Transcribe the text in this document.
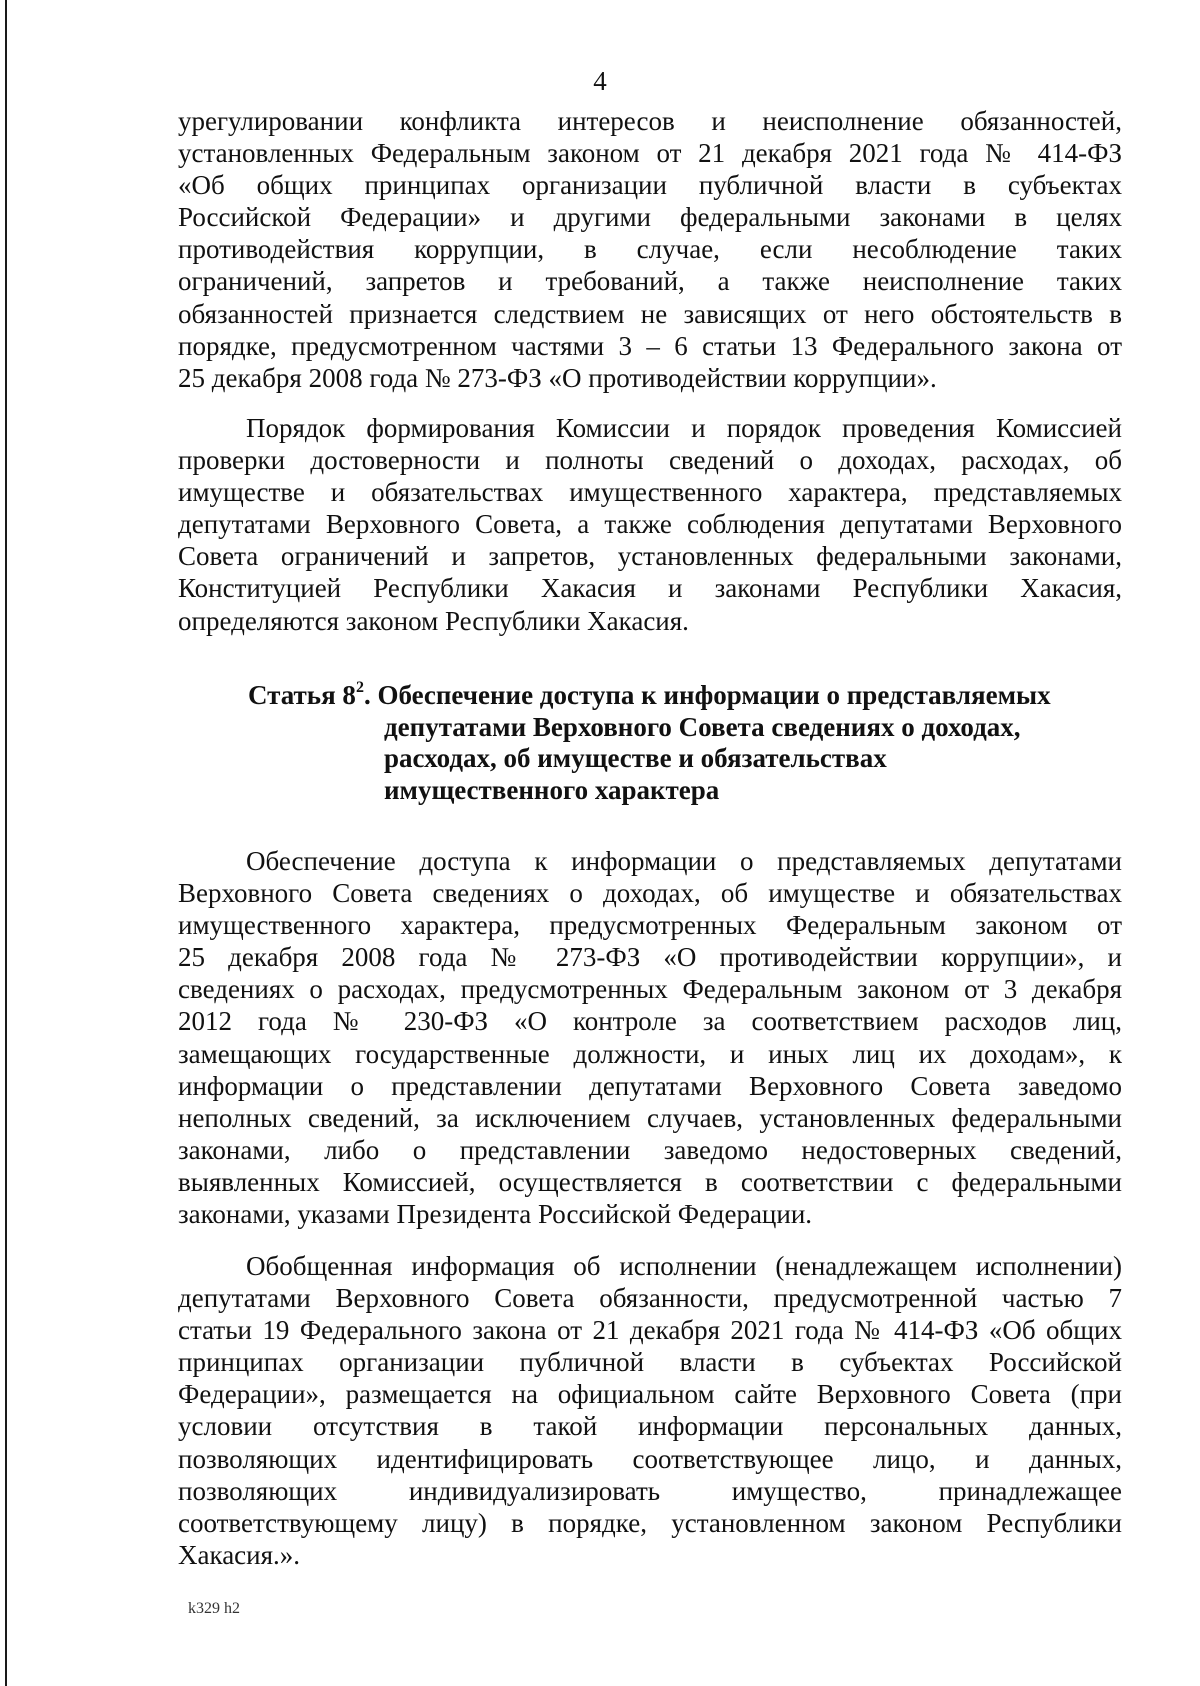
4
урегулировании конфликта интересов и неисполнение обязанностей,
установленных Федеральным законом от 21 декабря 2021 года № 414-ФЗ
«Об общих принципах организации публичной власти в субъектах
Российской Федерации» и другими федеральными законами в целях
противодействия коррупции, в случае, если несоблюдение таких
ограничений, запретов и требований, а также неисполнение таких
обязанностей признается следствием не зависящих от него обстоятельств в
порядке, предусмотренном частями 3 – 6 статьи 13 Федерального закона от
25 декабря 2008 года № 273-ФЗ «О противодействии коррупции».
Порядок формирования Комиссии и порядок проведения Комиссией
проверки достоверности и полноты сведений о доходах, расходах, об
имуществе и обязательствах имущественного характера, представляемых
депутатами Верховного Совета, а также соблюдения депутатами Верховного
Совета ограничений и запретов, установленных федеральными законами,
Конституцией Республики Хакасия и законами Республики Хакасия,
определяются законом Республики Хакасия.
Статья $8^2$. Обеспечение доступа к информации о представляемых
депутатами Верховного Совета сведениях о доходах,
расходах, об имуществе и обязательствах
имущественного характера
Обеспечение доступа к информации о представляемых депутатами
Верховного Совета сведениях о доходах, об имуществе и обязательствах
имущественного характера, предусмотренных Федеральным законом от
25 декабря 2008 года № 273-ФЗ «О противодействии коррупции», и
сведениях о расходах, предусмотренных Федеральным законом от 3 декабря
2012 года № 230-ФЗ «О контроле за соответствием расходов лиц,
замещающих государственные должности, и иных лиц их доходам», к
информации о представлении депутатами Верховного Совета заведомо
неполных сведений, за исключением случаев, установленных федеральными
законами, либо о представлении заведомо недостоверных сведений,
выявленных Комиссией, осуществляется в соответствии с федеральными
законами, указами Президента Российской Федерации.
Обобщенная информация об исполнении (ненадлежащем исполнении)
депутатами Верховного Совета обязанности, предусмотренной частью 7
статьи 19 Федерального закона от 21 декабря 2021 года № 414-ФЗ «Об общих
принципах организации публичной власти в субъектах Российской
Федерации», размещается на официальном сайте Верховного Совета (при
условии отсутствия в такой информации персональных данных,
позволяющих идентифицировать соответствующее лицо, и данных,
позволяющих индивидуализировать имущество, принадлежащее
соответствующему лицу) в порядке, установленном законом Республики
Хакасия.».
k329 h2
